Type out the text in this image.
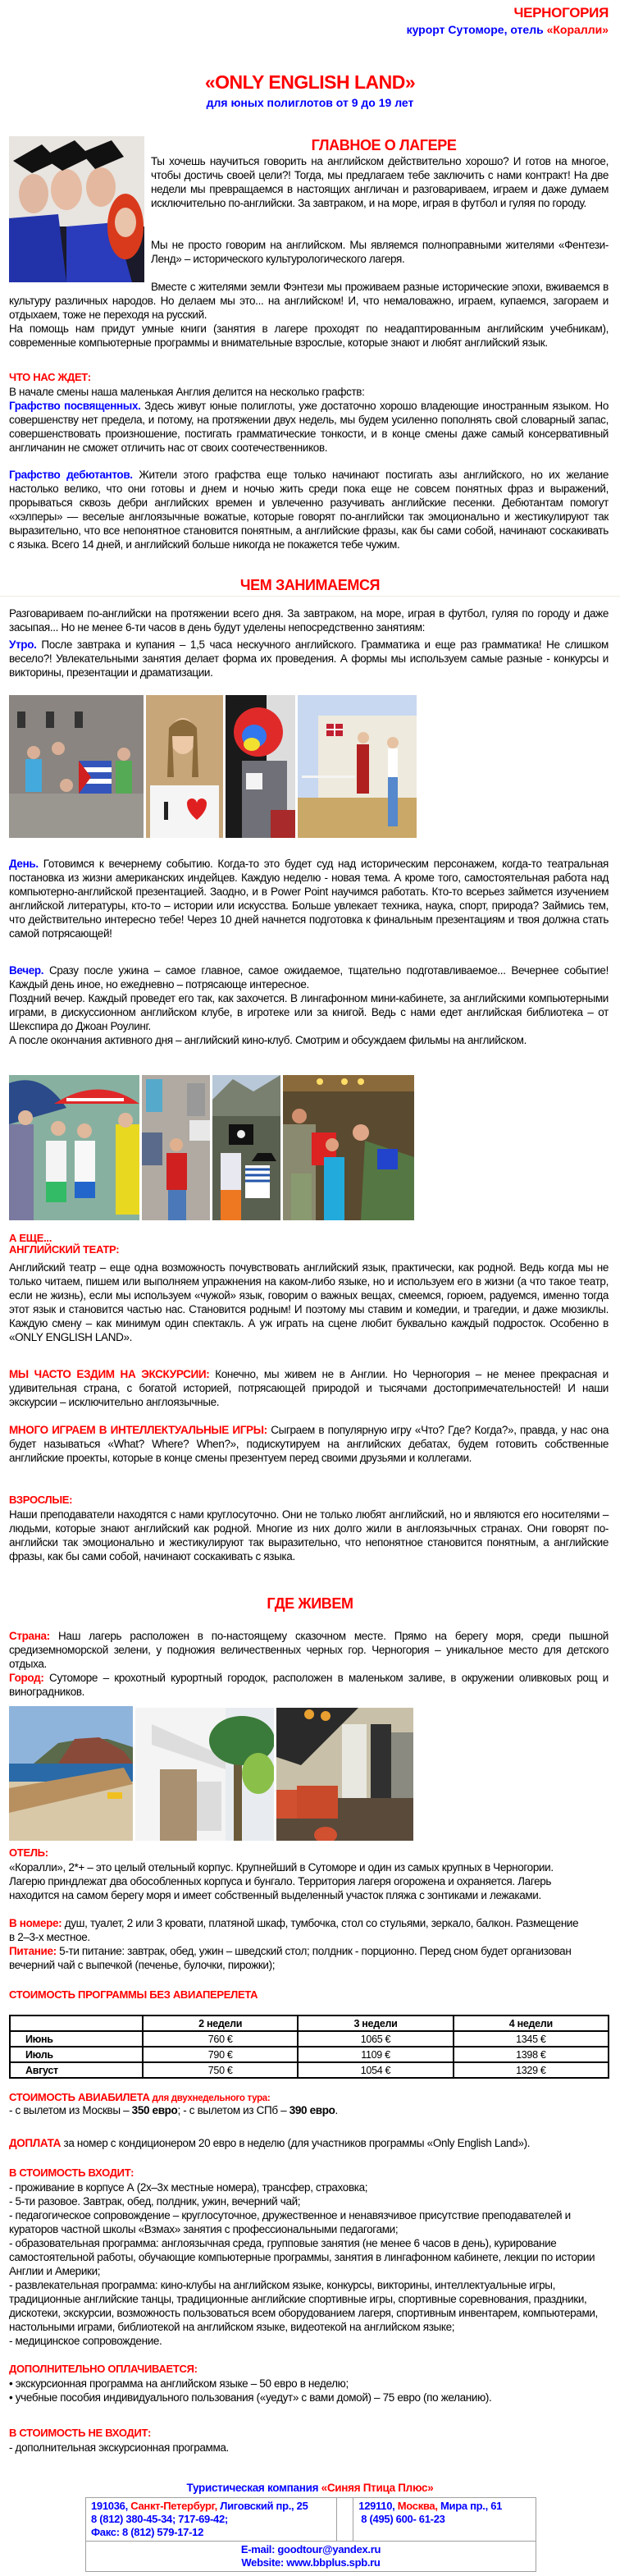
ЧЕРНОГОРИЯ
курорт Сутоморе, отель «Коралли»
«ONLY ENGLISH LAND»
для юных полиглотов от 9 до 19 лет
ГЛАВНОЕ О ЛАГЕРЕ
Ты хочешь научиться говорить на английском действительно хорошо? И готов на многое, чтобы достичь своей цели?! Тогда, мы предлагаем тебе заключить с нами контракт! На две недели мы превращаемся в настоящих англичан и разговариваем, играем и даже думаем исключительно по-английски. За завтраком, и на море, играя в футбол и гуляя по городу.
Мы не просто говорим на английском. Мы являемся полноправными жителями «Фентези-Ленд» – исторического культурологического лагеря.
Вместе с жителями земли Фэнтези мы проживаем разные исторические эпохи, вживаемся в культуру различных народов. Но делаем мы это... на английском! И, что немаловажно, играем, купаемся, загораем и отдыхаем, тоже не переходя на русский.
На помощь нам придут умные книги (занятия в лагере проходят по неадаптированным английским учебникам), современные компьютерные программы и внимательные взрослые, которые знают и любят английский язык.
ЧТО НАС ЖДЕТ:
В начале смены наша маленькая Англия делится на несколько графств:
Графство посвященных. Здесь живут юные полиглоты, уже достаточно хорошо владеющие иностранным языком. Но совершенству нет предела, и потому, на протяжении двух недель, мы будем усиленно пополнять свой словарный запас, совершенствовать произношение, постигать грамматические тонкости, и в конце смены даже самый консервативный англичанин не сможет отличить нас от своих соотечественников.
Графство дебютантов. Жители этого графства еще только начинают постигать азы английского, но их желание настолько велико, что они готовы и днем и ночью жить среди пока еще не совсем понятных фраз и выражений, прорываться сквозь дебри английских времен и увлеченно разучивать английские песенки. Дебютантам помогут «хэлперы» — веселые англоязычные вожатые, которые говорят по-английски так эмоционально и жестикулируют так выразительно, что все непонятное становится понятным, а английские фразы, как бы сами собой, начинают соскакивать с языка. Всего 14 дней, и английский больше никогда не покажется тебе чужим.
ЧЕМ ЗАНИМАЕМСЯ
Разговариваем по-английски на протяжении всего дня. За завтраком, на море, играя в футбол, гуляя по городу и даже засыпая... Но не менее 6-ти часов в день будут уделены непосредственно занятиям:
Утро. После завтрака и купания – 1,5 часа нескучного английского. Грамматика и еще раз грамматика! Не слишком весело?! Увлекательными занятия делает форма их проведения. А формы мы используем самые разные - конкурсы и викторины, презентации и драматизации.
День. Готовимся к вечернему событию. Когда-то это будет суд над историческим персонажем, когда-то театральная постановка из жизни американских индейцев. Каждую неделю - новая тема. А кроме того, самостоятельная работа над компьютерно-английской презентацией. Заодно, и в Power Point научимся работать. Кто-то всерьез займется изучением английской литературы, кто-то – истории или искусства. Больше увлекает техника, наука, спорт, природа? Займись тем, что действительно интересно тебе! Через 10 дней начнется подготовка к финальным презентациям и твоя должна стать самой потрясающей!
Вечер. Сразу после ужина – самое главное, самое ожидаемое, тщательно подготавливаемое... Вечернее событие! Каждый день иное, но ежедневно – потрясающе интересное.
Поздний вечер. Каждый проведет его так, как захочется. В лингафонном мини-кабинете, за английскими компьютерными играми, в дискуссионном английском клубе, в игротеке или за книгой. Ведь с нами едет английская библиотека – от Шекспира до Джоан Роулинг.
А после окончания активного дня – английский кино-клуб. Смотрим и обсуждаем фильмы на английском.
А ЕЩЕ...
АНГЛИЙСКИЙ ТЕАТР:
Английский театр – еще одна возможность почувствовать английский язык, практически, как родной. Ведь когда мы не только читаем, пишем или выполняем упражнения на каком-либо языке, но и используем его в жизни (а что такое театр, если не жизнь), если мы используем «чужой» язык, говорим о важных вещах, смеемся, горюем, радуемся, именно тогда этот язык и становится частью нас. Становится родным! И поэтому мы ставим и комедии, и трагедии, и даже мюзиклы. Каждую смену – как минимум один спектакль. А уж играть на сцене любит буквально каждый подросток. Особенно в «ONLY ENGLISH LAND».
МЫ ЧАСТО ЕЗДИМ НА ЭКСКУРСИИ: Конечно, мы живем не в Англии. Но Черногория – не менее прекрасная и удивительная страна, с богатой историей, потрясающей природой и тысячами достопримечательностей! И наши экскурсии – исключительно англоязычные.
МНОГО ИГРАЕМ В ИНТЕЛЛЕКТУАЛЬНЫЕ ИГРЫ: Сыграем в популярную игру «Что? Где? Когда?», правда, у нас она будет называться «What? Where? When?», подискутируем на английских дебатах, будем готовить собственные английские проекты, которые в конце смены презентуем перед своими друзьями и коллегами.
ВЗРОСЛЫЕ:
Наши преподаватели находятся с нами круглосуточно. Они не только любят английский, но и являются его носителями – людьми, которые знают английский как родной. Многие из них долго жили в англоязычных странах. Они говорят по-английски так эмоционально и жестикулируют так выразительно, что непонятное становится понятным, а английские фразы, как бы сами собой, начинают соскакивать с языка.
ГДЕ ЖИВЕМ
Страна: Наш лагерь расположен в по-настоящему сказочном месте. Прямо на берегу моря, среди пышной средиземноморской зелени, у подножия величественных черных гор. Черногория – уникальное место для детского отдыха.
Город: Сутоморе – крохотный курортный городок, расположен в маленьком заливе, в окружении оливковых рощ и виноградников.
ОТЕЛЬ:
«Коралли», 2*+ – это целый отельный корпус. Крупнейший в Сутоморе и один из самых крупных в Черногории. Лагерю приндлежат два обособленных корпуса и бунгало. Территория лагеря огорожена и охраняется. Лагерь находится на самом берегу моря и имеет собственный выделенный участок пляжа с зонтиками и лежаками.
В номере: душ, туалет, 2 или 3 кровати, платяной шкаф, тумбочка, стол со стульями, зеркало, балкон. Размещение в 2–3-х местное.
Питание: 5-ти питание: завтрак, обед, ужин – шведский стол; полдник - порционно. Перед сном будет организован вечерний чай с выпечкой (печенье, булочки, пирожки);
СТОИМОСТЬ ПРОГРАММЫ БЕЗ АВИАПЕРЕЛЕТА
	2 недели	3 недели	4 недели
Июнь	760 €	1065 €	1345 €
Июль	790 €	1109 €	1398 €
Август	750 €	1054 €	1329 €
СТОИМОСТЬ АВИАБИЛЕТА для двухнедельного тура:
- с вылетом из Москвы – 350 евро; - с вылетом из СПб – 390 евро.
ДОПЛАТА за номер с кондиционером 20 евро в неделю (для участников программы «Only English Land»).
В СТОИМОСТЬ ВХОДИТ:
- проживание в корпусе А (2х–3х местные номера), трансфер, страховка;
- 5-ти разовое. Завтрак, обед, полдник, ужин, вечерний чай;
- педагогическое сопровождение – круглосуточное, дружественное и ненавязчивое присутствие преподавателей и кураторов частной школы «Взмах» занятия с профессиональными педагогами;
- образовательная программа: англоязычная среда, групповые занятия (не менее 6 часов в день), курирование самостоятельной работы, обучающие компьютерные программы, занятия в лингафонном кабинете, лекции по истории Англии и Америки;
- развлекательная программа: кино-клубы на английском языке, конкурсы, викторины, интеллектуальные игры, традиционные английские танцы, традиционные английские спортивные игры, спортивные соревнования, праздники, дискотеки, экскурсии, возможность пользоваться всем оборудованием лагеря, спортивным инвентарем, компьютерами, настольными играми, библиотекой на английском языке, видеотекой на английском языке;
- медицинское сопровождение.
ДОПОЛНИТЕЛЬНО ОПЛАЧИВАЕТСЯ:
• экскурсионная программа на английском языке – 50 евро в неделю;
• учебные пособия индивидуального пользования («уедут» с вами домой) – 75 евро (по желанию).
В СТОИМОСТЬ НЕ ВХОДИТ:
- дополнительная экскурсионная программа.
Туристическая компания «Синяя Птица Плюс»
191036, Санкт-Петербург, Лиговский пр., 25
8 (812) 380-45-34; 717-69-42;
Факс: 8 (812) 579-17-12

129110, Москва, Мира пр., 61
8 (495) 600- 61-23

E-mail: goodtour@yandex.ru
Website: www.bbplus.spb.ru
